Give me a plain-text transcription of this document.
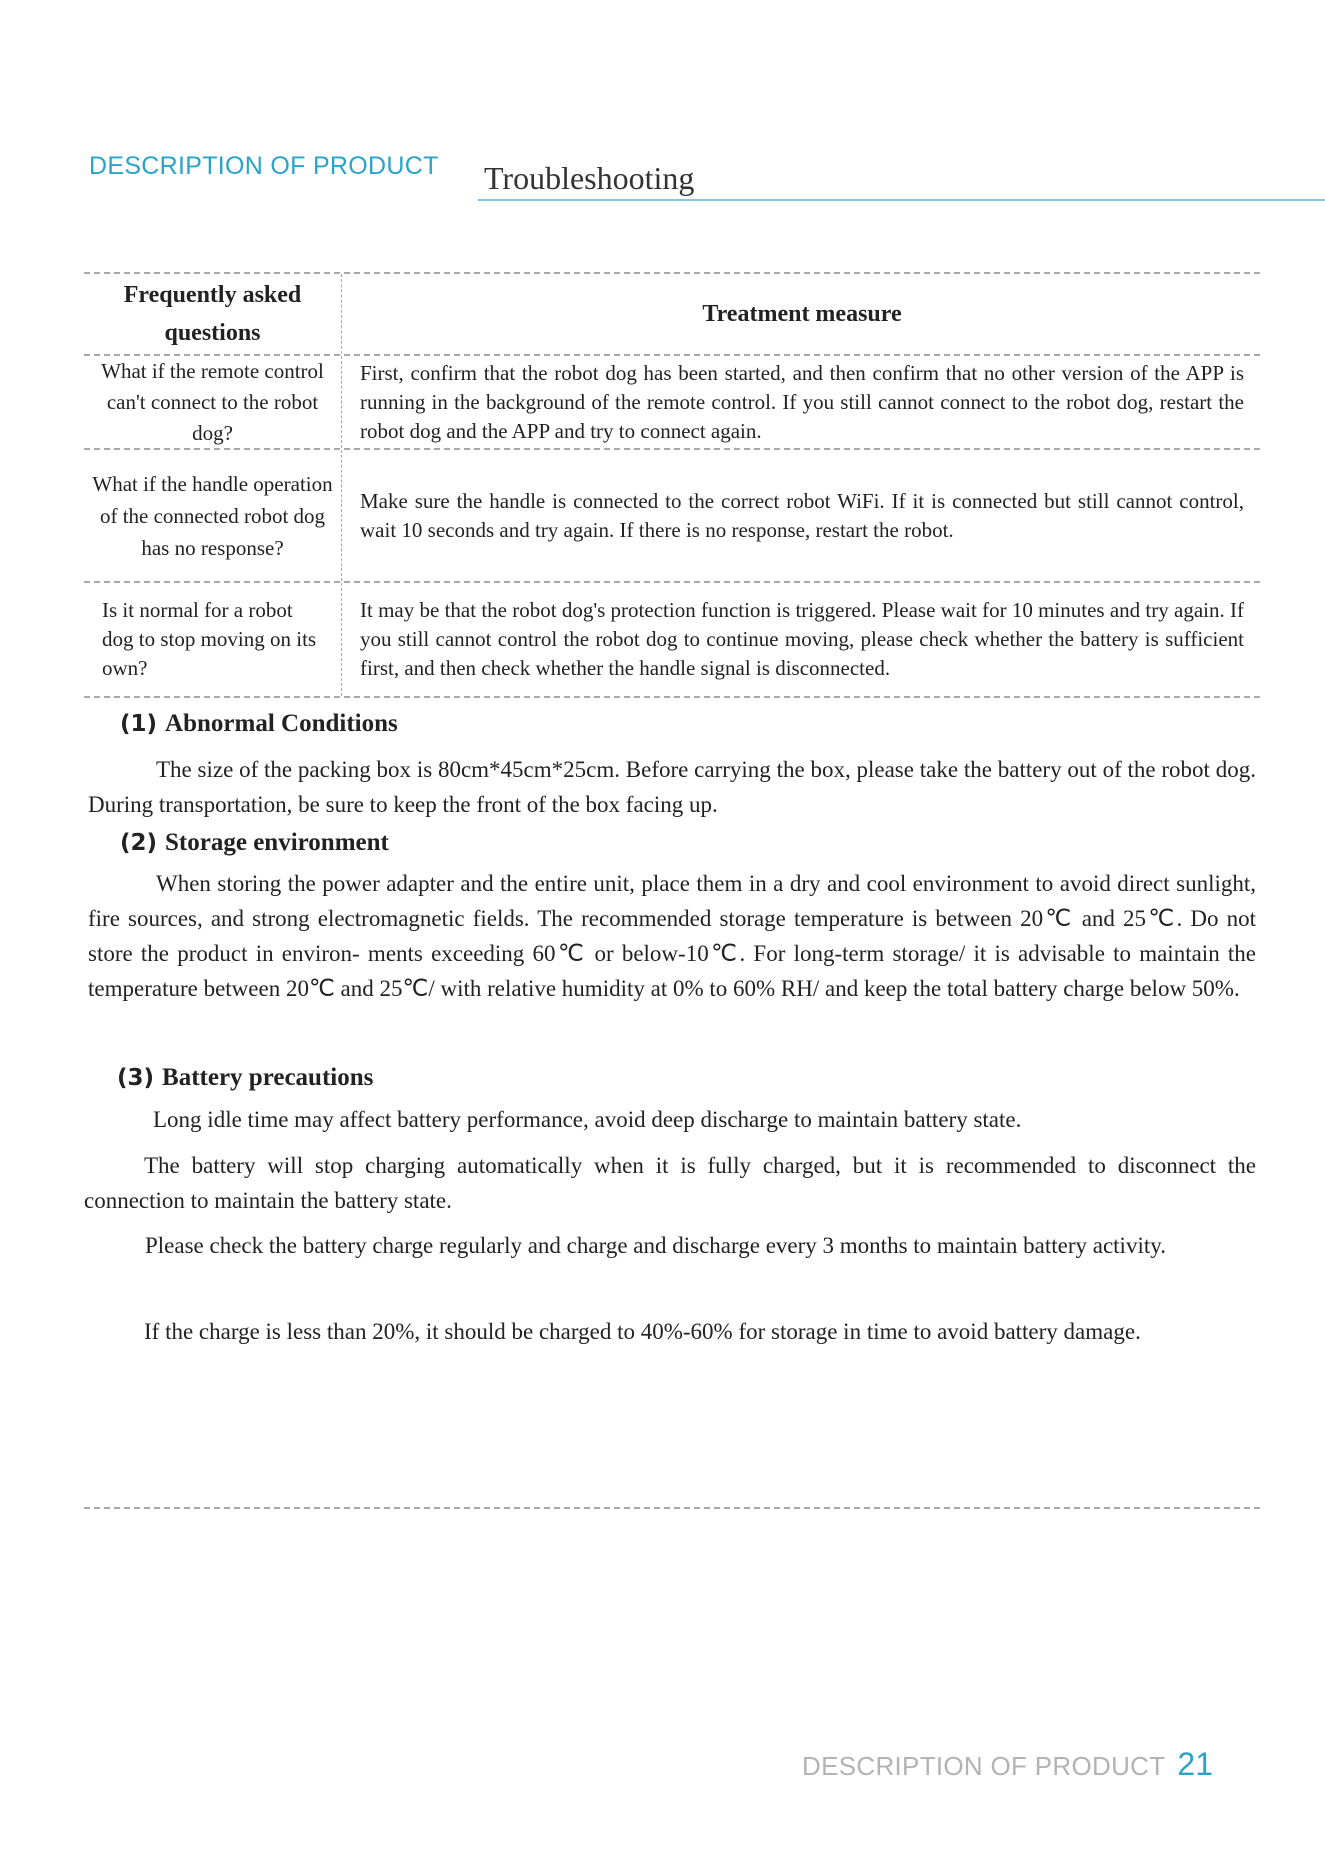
DESCRIPTION OF PRODUCT Troubleshooting
Frequently asked questions
Treatment measure
What if the remote control can't connect to the robot dog?
First, confirm that the robot dog has been started, and then confirm that no other version of the APP is running in the background of the remote control. If you still cannot connect to the robot dog, restart the robot dog and the APP and try to connect again.
What if the handle operation of the connected robot dog has no response?
Make sure the handle is connected to the correct robot WiFi. If it is connected but still cannot control, wait 10 seconds and try again. If there is no response, restart the robot.
Is it normal for a robot dog to stop moving on its own?
It may be that the robot dog's protection function is triggered. Please wait for 10 minutes and try again. If you still cannot control the robot dog to continue moving, please check whether the battery is sufficient first, and then check whether the handle signal is disconnected.
(1) Abnormal Conditions
The size of the packing box is 80cm*45cm*25cm. Before carrying the box, please take the battery out of the robot dog. During transportation, be sure to keep the front of the box facing up.
(2) Storage environment
When storing the power adapter and the entire unit, place them in a dry and cool environment to avoid direct sunlight, fire sources, and strong electromagnetic fields. The recommended storage temperature is between 20℃ and 25℃. Do not store the product in environ- ments exceeding 60℃ or below-10℃. For long-term storage/ it is advisable to maintain the temperature between 20℃ and 25℃/ with relative humidity at 0% to 60% RH/ and keep the total battery charge below 50%.
(3) Battery precautions
Long idle time may affect battery performance, avoid deep discharge to maintain battery state.
The battery will stop charging automatically when it is fully charged, but it is recommended to disconnect the connection to maintain the battery state.
Please check the battery charge regularly and charge and discharge every 3 months to maintain battery activity.
If the charge is less than 20%, it should be charged to 40%-60% for storage in time to avoid battery damage.
DESCRIPTION OF PRODUCT 21
